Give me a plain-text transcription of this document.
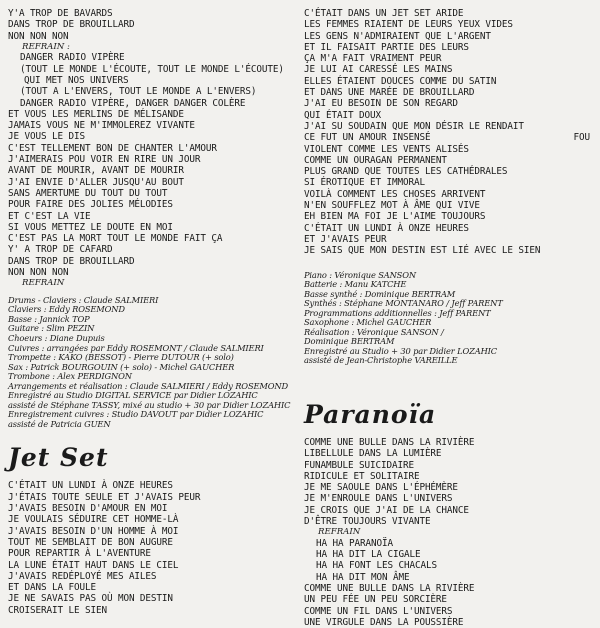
Y'A TROP DE BAVARDS
DANS TROP DE BROUILLARD
NON NON NON
REFRAIN :
DANGER RADIO VIPÈRE
(TOUT LE MONDE L'ÉCOUTE, TOUT LE MONDE L'ÉCOUTE)
QUI MET NOS UNIVERS
(TOUT A L'ENVERS, TOUT LE MONDE A L'ENVERS)
DANGER RADIO VIPÈRE, DANGER DANGER COLÈRE
ET VOUS LES MERLINS DE MÉLISANDE
JAMAIS VOUS NE M'IMMOLEREZ VIVANTE
JE VOUS LE DIS
C'EST TELLEMENT BON DE CHANTER L'AMOUR
J'AIMERAIS POU VOIR EN RIRE UN JOUR
AVANT DE MOURIR, AVANT DE MOURIR
J'AI ENVIE D'ALLER JUSQU'AU BOUT
SANS AMERTUME DU TOUT DU TOUT
POUR FAIRE DES JOLIES MÉLODIES
ET C'EST LA VIE
SI VOUS METTEZ LE DOUTE EN MOI
C'EST PAS LA MORT TOUT LE MONDE FAIT ÇA
Y' A TROP DE CAFARD
DANS TROP DE BROUILLARD
NON NON NON
REFRAIN
Drums - Claviers : Claude SALMIERI
Claviers : Eddy ROSEMOND
Basse : Jannick TOP
Guitare : Slim PEZIN
Choeurs : Diane Dupuis
Cuivres : arrangées par Eddy ROSEMONT / Claude SALMIERI
Trompette : KAKO (BESSOT) - Pierre DUTOUR (+ solo)
Sax : Patrick BOURGOUIN (+ solo) - Michel GAUCHER
Trombone : Alex PERDIGNON
Arrangements et réalisation : Claude SALMIERI / Eddy ROSEMOND
Enregistré au Studio DIGITAL SERVICE par Didier LOZAHIC
assisté de Stéphane TASSY, mixé au studio + 30 par Didier LOZAHIC
Enregistrement cuivres : Studio DAVOUT par Didier LOZAHIC
assisté de Patricia GUEN
Jet Set
C'ÉTAIT UN LUNDI À ONZE HEURES
J'ÉTAIS TOUTE SEULE ET J'AVAIS PEUR
J'AVAIS BESOIN D'AMOUR EN MOI
JE VOULAIS SÉDUIRE CET HOMME-LÀ
J'AVAIS BESOIN D'UN HOMME À MOI
TOUT ME SEMBLAIT DE BON AUGURE
POUR REPARTIR À L'AVENTURE
LA LUNE ÉTAIT HAUT DANS LE CIEL
J'AVAIS REDÉPLOYÉ MES AILES
ET DANS LA FOULE
JE NE SAVAIS PAS OÙ MON DESTIN
CROISERAIT LE SIEN
C'ÉTAIT DANS UN JET SET ARIDE
LES FEMMES RIAIENT DE LEURS YEUX VIDES
LES GENS N'ADMIRAIENT QUE L'ARGENT
ET IL FAISAIT PARTIE DES LEURS
ÇA M'A FAIT VRAIMENT PEUR
JE LUI AI CARESSÉ LES MAINS
ELLES ÉTAIENT DOUCES COMME DU SATIN
ET DANS UNE MARÉE DE BROUILLARD
J'AI EU BESOIN DE SON REGARD
QUI ÉTAIT DOUX
J'AI SU SOUDAIN QUE MON DÉSIR LE RENDAIT
CE FUT UN AMOUR INSENSÉ	FOU
VIOLENT COMME LES VENTS ALISÉS
COMME UN OURAGAN PERMANENT
PLUS GRAND QUE TOUTES LES CATHÉDRALES
SI ÉROTIQUE ET IMMORAL
VOILÀ COMMENT LES CHOSES ARRIVENT
N'EN SOUFFLEZ MOT À ÂME QUI VIVE
EH BIEN MA FOI JE L'AIME TOUJOURS
C'ÉTAIT UN LUNDI À ONZE HEURES
ET J'AVAIS PEUR
JE SAIS QUE MON DESTIN EST LIÉ AVEC LE SIEN
Piano : Véronique SANSON
Batterie : Manu KATCHE
Basse synthé : Dominique BERTRAM
Synthés : Stéphane MONTANARO / Jeff PARENT
Programmations additionnelles : Jeff PARENT
Saxophone : Michel GAUCHER
Réalisation : Véronique SANSON /
Dominique BERTRAM
Enregistré au Studio + 30 par Didier LOZAHIC
assisté de Jean-Christophe VAREILLE
Paranoïa
COMME UNE BULLE DANS LA RIVIÈRE
LIBELLULE DANS LA LUMIÈRE
FUNAMBULE SUICIDAIRE
RIDICULE ET SOLITAIRE
JE ME SAOULE DANS L'ÉPHÉMÈRE
JE M'ENROULE DANS L'UNIVERS
JE CROIS QUE J'AI DE LA CHANCE
D'ÊTRE TOUJOURS VIVANTE
REFRAIN
HA HA PARANOÏA
HA HA DIT LA CIGALE
HA HA FONT LES CHACALS
HA HA DIT MON ÂME
COMME UNE BULLE DANS LA RIVIÈRE
UN PEU FÉE UN PEU SORCIÈRE
COMME UN FIL DANS L'UNIVERS
UNE VIRGULE DANS LA POUSSIÈRE
